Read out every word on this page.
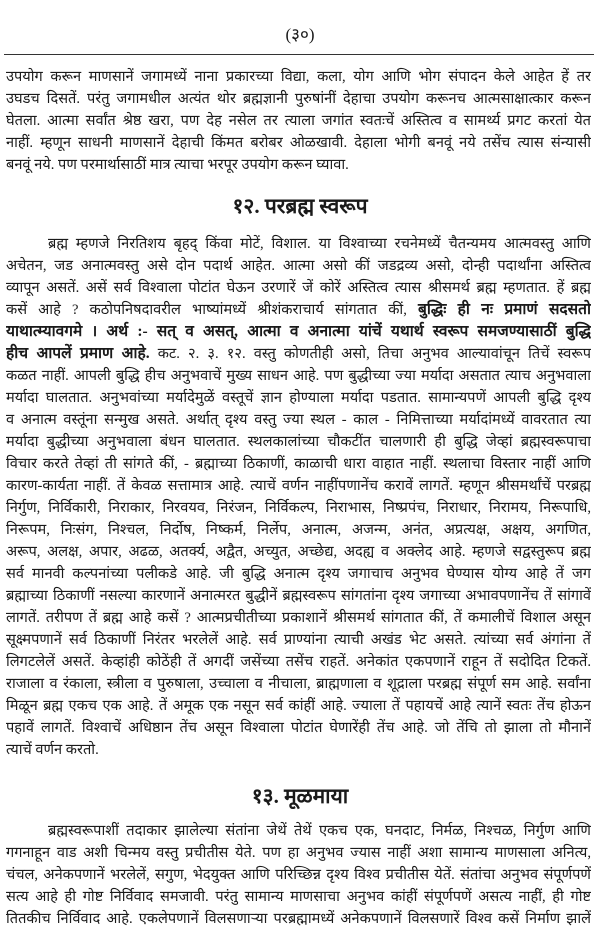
(३०)
उपयोग करून माणसानें जगामध्यें नाना प्रकारच्या विद्या, कला, योग आणि भोग संपादन केले आहेत हें तर
उघडच दिसतें. परंतु जगामधील अत्यंत थोर ब्रह्मज्ञानी पुरुषांनीं देहाचा उपयोग करूनच आत्मसाक्षात्कार करून
घेतला. आत्मा सर्वांत श्रेष्ठ खरा, पण देह नसेल तर त्याला जगांत स्वतःचें अस्तित्व व सामर्थ्य प्रगट करतां येत
नाहीं. म्हणून साधनी माणसानें देहाची किंमत बरोबर ओळखावी. देहाला भोगी बनवूं नये तसेंच त्यास संन्यासी
बनवूं नये. पण परमार्थासाठीं मात्र त्याचा भरपूर उपयोग करून घ्यावा.
१२. परब्रह्म स्वरूप
ब्रह्म म्हणजे निरतिशय बृहद् किंवा मोटें, विशाल. या विश्वाच्या रचनेमध्यें चैतन्यमय आत्मवस्तु आणि
अचेतन, जड अनात्मवस्तु असे दोन पदार्थ आहेत. आत्मा असो कीं जडद्रव्य असो, दोन्ही पदार्थांना अस्तित्व
व्यापून असतें. असें सर्व विश्वाला पोटांत घेऊन उरणारें जें कोरें अस्तित्व त्यास श्रीसमर्थ ब्रह्म म्हणतात. हें ब्रह्म
कसें आहे ? कठोपनिषदावरील भाष्यांमध्यें श्रीशंकराचार्य सांगतात कीं, बुद्धिः ही नः प्रमाणं सदसतो
याथात्म्यावगमे । अर्थ :- सत् व असत्, आत्मा व अनात्मा यांचें यथार्थ स्वरूप समजण्यासाठीं बुद्धि
हीच आपलें प्रमाण आहे. कट. २. ३. १२. वस्तु कोणतीही असो, तिचा अनुभव आल्यावांचून तिचें स्वरूप
कळत नाहीं. आपली बुद्धि हीच अनुभवाचें मुख्य साधन आहे. पण बुद्धीच्या ज्या मर्यादा असतात त्याच अनुभवाला
मर्यादा घालतात. अनुभवांच्या मर्यादेमुळें वस्तूचें ज्ञान होण्याला मर्यादा पडतात. सामान्यपणें आपली बुद्धि दृश्य
व अनात्म वस्तूंना सन्मुख असते. अर्थात् दृश्य वस्तु ज्या स्थल - काल - निमित्ताच्या मर्यादांमध्यें वावरतात त्या
मर्यादा बुद्धीच्या अनुभवाला बंधन घालतात. स्थलकालांच्या चौकटींत चालणारी ही बुद्धि जेव्हां ब्रह्मस्वरूपाचा
विचार करते तेव्हां ती सांगते कीं, - ब्रह्माच्या ठिकाणीं, काळाची धारा वाहात नाहीं. स्थलाचा विस्तार नाहीं आणि
कारण-कार्यता नाहीं. तें केवळ सत्तामात्र आहे. त्याचें वर्णन नाहींपणानेंच करावें लागतें. म्हणून श्रीसमर्थांचें परब्रह्म
निर्गुण, निर्विकारी, निराकार, निरवयव, निरंजन, निर्विकल्प, निराभास, निष्प्रपंच, निराधार, निरामय, निरूपाधि,
निरूपम, निःसंग, निश्चल, निर्दोष, निष्कर्म, निर्लेप, अनात्म, अजन्म, अनंत, अप्रत्यक्ष, अक्षय, अगणित,
अरूप, अलक्ष, अपार, अढळ, अतर्क्य, अद्वैत, अच्युत, अच्छेद्य, अदह्य व अक्लेद आहे. म्हणजे सद्वस्तुरूप ब्रह्म
सर्व मानवी कल्पनांच्या पलीकडे आहे. जी बुद्धि अनात्म दृश्य जगाचाच अनुभव घेण्यास योग्य आहे तें जग
ब्रह्माच्या ठिकाणीं नसल्या कारणानें अनात्मरत बुद्धीनें ब्रह्मस्वरूप सांगतांना दृश्य जगाच्या अभावपणानेंच तें सांगावें
लागतें. तरीपण तें ब्रह्म आहे कसें ? आत्मप्रचीतीच्या प्रकाशानें श्रीसमर्थ सांगतात कीं, तें कमालीचें विशाल असून
सूक्ष्मपणानें सर्व ठिकाणीं निरंतर भरलेलें आहे. सर्व प्राण्यांना त्याची अखंड भेट असते. त्यांच्या सर्व अंगांना तें
लिगटलेलें असतें. केव्हांही कोठेंही तें अगदीं जसेंच्या तसेंच राहतें. अनेकांत एकपणानें राहून तें सदोदित टिकतें.
राजाला व रंकाला, स्त्रीला व पुरुषाला, उच्चाला व नीचाला, ब्राह्मणाला व शूद्राला परब्रह्म संपूर्ण सम आहे. सर्वांना
मिळून ब्रह्म एकच एक आहे. तें अमूक एक नसून सर्व कांहीं आहे. ज्याला तें पहायचें आहे त्यानें स्वतः तेंच होऊन
पहावें लागतें. विश्वाचें अधिष्ठान तेंच असून विश्वाला पोटांत घेणारेंही तेंच आहे. जो तेंचि तो झाला तो मौनानें
त्याचें वर्णन करतो.
१३. मूळमाया
ब्रह्मस्वरूपाशीं तदाकार झालेल्या संतांना जेथें तेथें एकच एक, घनदाट, निर्मळ, निश्चळ, निर्गुण आणि
गगनाहून वाड अशी चिन्मय वस्तु प्रचीतीस येते. पण हा अनुभव ज्यास नाहीं अशा सामान्य माणसाला अनित्य,
चंचल, अनेकपणानें भरलेलें, सगुण, भेदयुक्त आणि परिच्छिन्न दृश्य विश्व प्रचीतीस येतें. संतांचा अनुभव संपूर्णपणें
सत्य आहे ही गोष्ट निर्विवाद समजावी. परंतु सामान्य माणसाचा अनुभव कांहीं संपूर्णपणें असत्य नाहीं, ही गोष्ट
तितकीच निर्विवाद आहे. एकलेपणानें विलसणाऱ्या परब्रह्मामध्यें अनेकपणानें विलसणारें विश्व कसें निर्माण झालें
